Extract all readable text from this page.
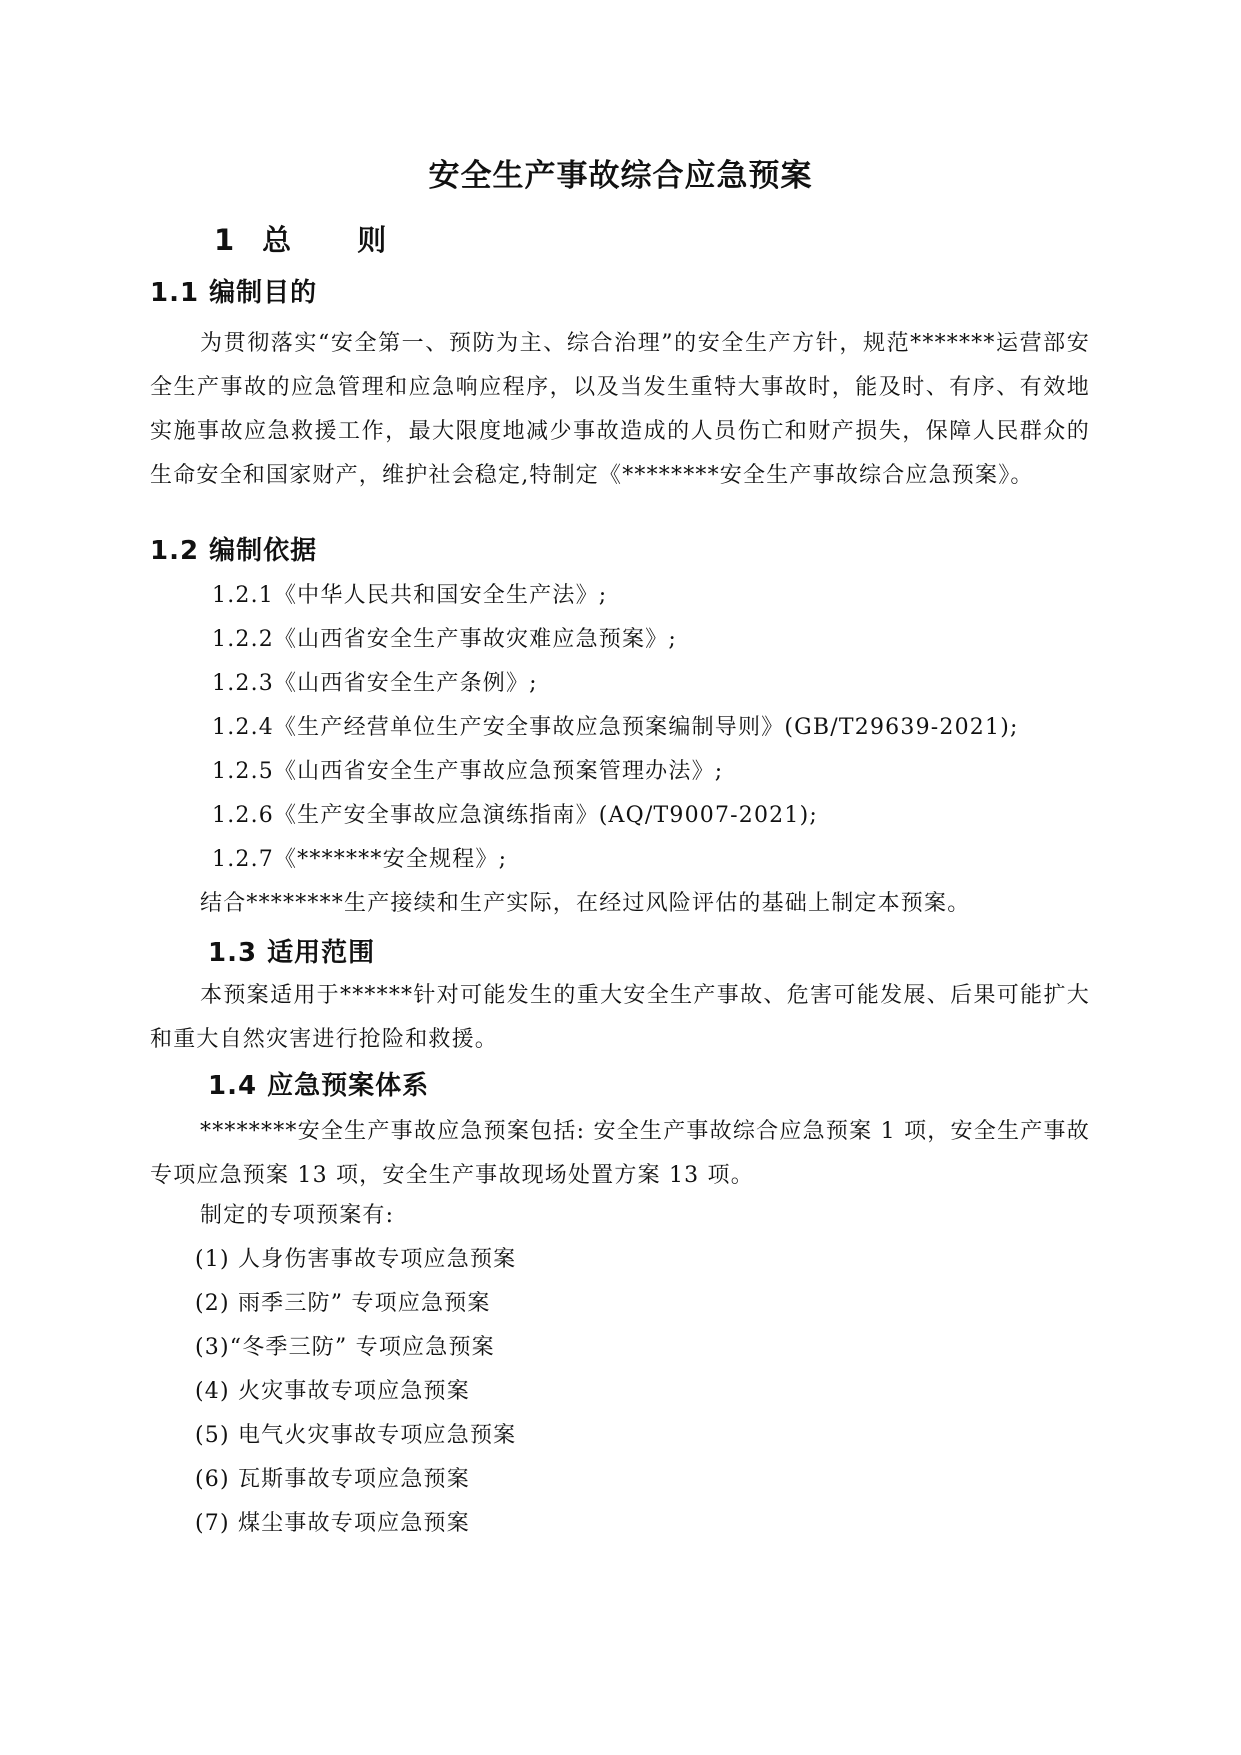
安全生产事故综合应急预案
1总 则
1.1 编制目的
为贯彻落实“安全第一、预防为主、综合治理”的安全生产方针，规范*******运营部安全生产事故的应急管理和应急响应程序，以及当发生重特大事故时，能及时、有序、有效地实施事故应急救援工作，最大限度地减少事故造成的人员伤亡和财产损失，保障人民群众的生命安全和国家财产，维护社会稳定,特制定《********安全生产事故综合应急预案》。
1.2 编制依据
1.2.1《中华人民共和国安全生产法》;
1.2.2《山西省安全生产事故灾难应急预案》;
1.2.3《山西省安全生产条例》;
1.2.4《生产经营单位生产安全事故应急预案编制导则》(GB/T29639-2021);
1.2.5《山西省安全生产事故应急预案管理办法》;
1.2.6《生产安全事故应急演练指南》(AQ/T9007-2021);
1.2.7《*******安全规程》;
结合********生产接续和生产实际，在经过风险评估的基础上制定本预案。
1.3 适用范围
本预案适用于******针对可能发生的重大安全生产事故、危害可能发展、后果可能扩大和重大自然灾害进行抢险和救援。
1.4 应急预案体系
********安全生产事故应急预案包括: 安全生产事故综合应急预案 1 项，安全生产事故专项应急预案 13 项，安全生产事故现场处置方案 13 项。
制定的专项预案有:
(1) 人身伤害事故专项应急预案
(2) 雨季三防” 专项应急预案
(3)“冬季三防” 专项应急预案
(4) 火灾事故专项应急预案
(5) 电气火灾事故专项应急预案
(6) 瓦斯事故专项应急预案
(7) 煤尘事故专项应急预案
